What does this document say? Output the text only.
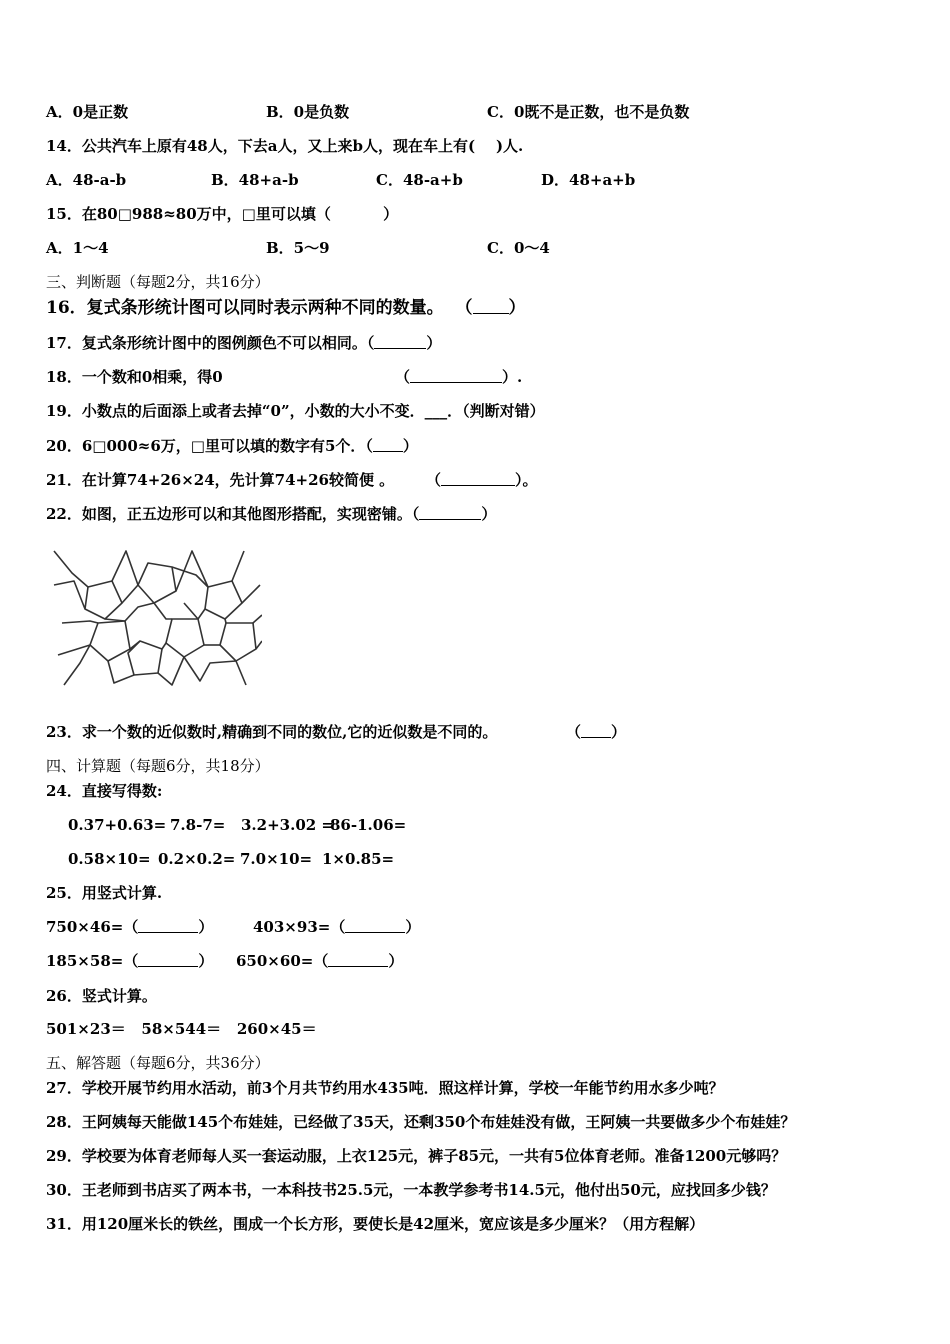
A．0是正数	B．0是负数	C．0既不是正数，也不是负数
14．公共汽车上原有48人，下去a人，又上来b人，现在车上有(    )人.
A．48-a-b	B．48+a-b	C．48-a+b	D．48+a+b
15．在80□988≈80万中，□里可以填（          ）
A．1～4	B．5～9	C．0～4
三、判断题（每题2分，共16分）
16．复式条形统计图可以同时表示两种不同的数量。 （ ）
17．复式条形统计图中的图例颜色不可以相同。（	）
18．一个数和0相乘，得0	（	）.
19．小数点的后面添上或者去掉“0”，小数的大小不变．___．（判断对错）
20．6□000≈6万，□里可以填的数字有5个．（ ）
21．在计算74+26×24，先计算74+26较简便 。 （	）。
22．如图，正五边形可以和其他图形搭配，实现密铺。（	）
23．求一个数的近似数时,精确到不同的数位,它的近似数是不同的。	（ ）
四、计算题（每题6分，共18分）
24．直接写得数:
0.37+0.63= 7.8-7= 3.2+3.02 =
86-1.06=
0.58×10= 0.2×0.2= 7.0×10= 1×0.85=
25．用竖式计算.
750×46=（	）	403×93=（	）
185×58=（	） 650×60=（	）
26．竖式计算。
501×23＝   58×544＝   260×45＝
五、解答题（每题6分，共36分）
27．学校开展节约用水活动，前3个月共节约用水435吨．照这样计算，学校一年能节约用水多少吨？
28．王阿姨每天能做145个布娃娃，已经做了35天，还剩350个布娃娃没有做，王阿姨一共要做多少个布娃娃？
29．学校要为体育老师每人买一套运动服，上衣125元，裤子85元，一共有5位体育老师。准备1200元够吗？
30．王老师到书店买了两本书，一本科技书25.5元，一本教学参考书14.5元，他付出50元，应找回多少钱？
31．用120厘米长的铁丝，围成一个长方形，要使长是42厘米，宽应该是多少厘米？（用方程解）
